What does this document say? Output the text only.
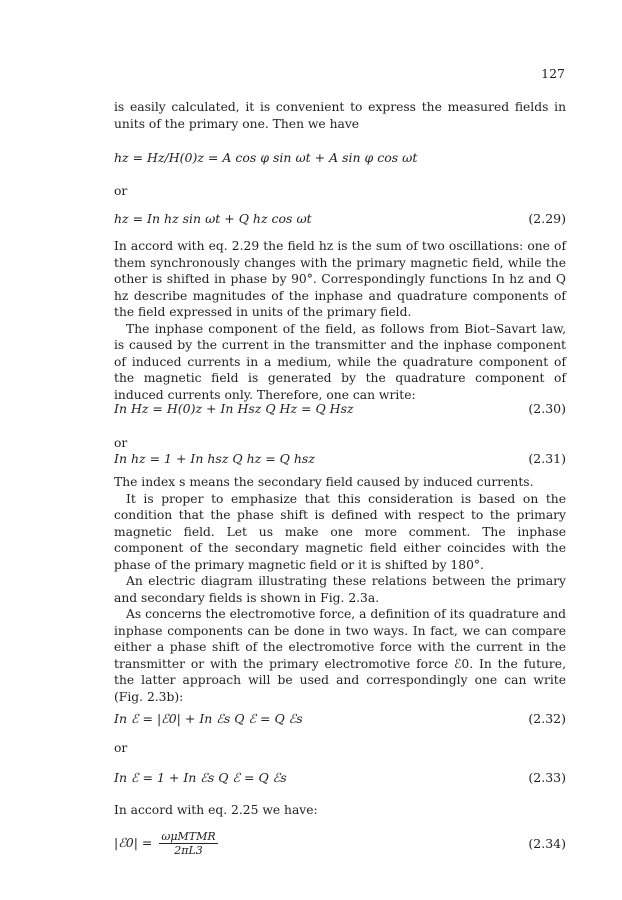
127

is easily calculated, it is convenient to express the measured fields in units of the primary one. Then we have

hz = Hz/H(0)z = A cos φ sin ωt + A sin φ cos ωt
or
hz = In hz sin ωt + Q hz cos ωt	(2.29)

In accord with eq. 2.29 the field hz is the sum of two oscillations: one of them synchronously changes with the primary magnetic field, while the other is shifted in phase by 90°. Correspondingly functions In hz and Q hz describe magnitudes of the inphase and quadrature components of the field expressed in units of the primary field.

The inphase component of the field, as follows from Biot–Savart law, is caused by the current in the transmitter and the inphase component of induced currents in a medium, while the quadrature component of the magnetic field is generated by the quadrature component of induced currents only. Therefore, one can write:

In Hz = H(0)z + In Hsz Q Hz = Q Hsz	(2.30)
or
In hz = 1 + In hsz Q hz = Q hsz	(2.31)

The index s means the secondary field caused by induced currents.

It is proper to emphasize that this consideration is based on the condition that the phase shift is defined with respect to the primary magnetic field. Let us make one more comment. The inphase component of the secondary magnetic field either coincides with the phase of the primary magnetic field or it is shifted by 180°.

An electric diagram illustrating these relations between the primary and secondary fields is shown in Fig. 2.3a.

As concerns the electromotive force, a definition of its quadrature and inphase components can be done in two ways. In fact, we can compare either a phase shift of the electromotive force with the current in the transmitter or with the primary electromotive force ℰ0. In the future, the latter approach will be used and correspondingly one can write (Fig. 2.3b):

In ℰ = |ℰ0| + In ℰs Q ℰ = Q ℰs	(2.32)
or
In ℰ = 1 + In ℰs Q ℰ = Q ℰs	(2.33)
In accord with eq. 2.25 we have:
|ℰ0| = $\frac{\text{ωμMTMR}}{2\pi L3}$	(2.34)
